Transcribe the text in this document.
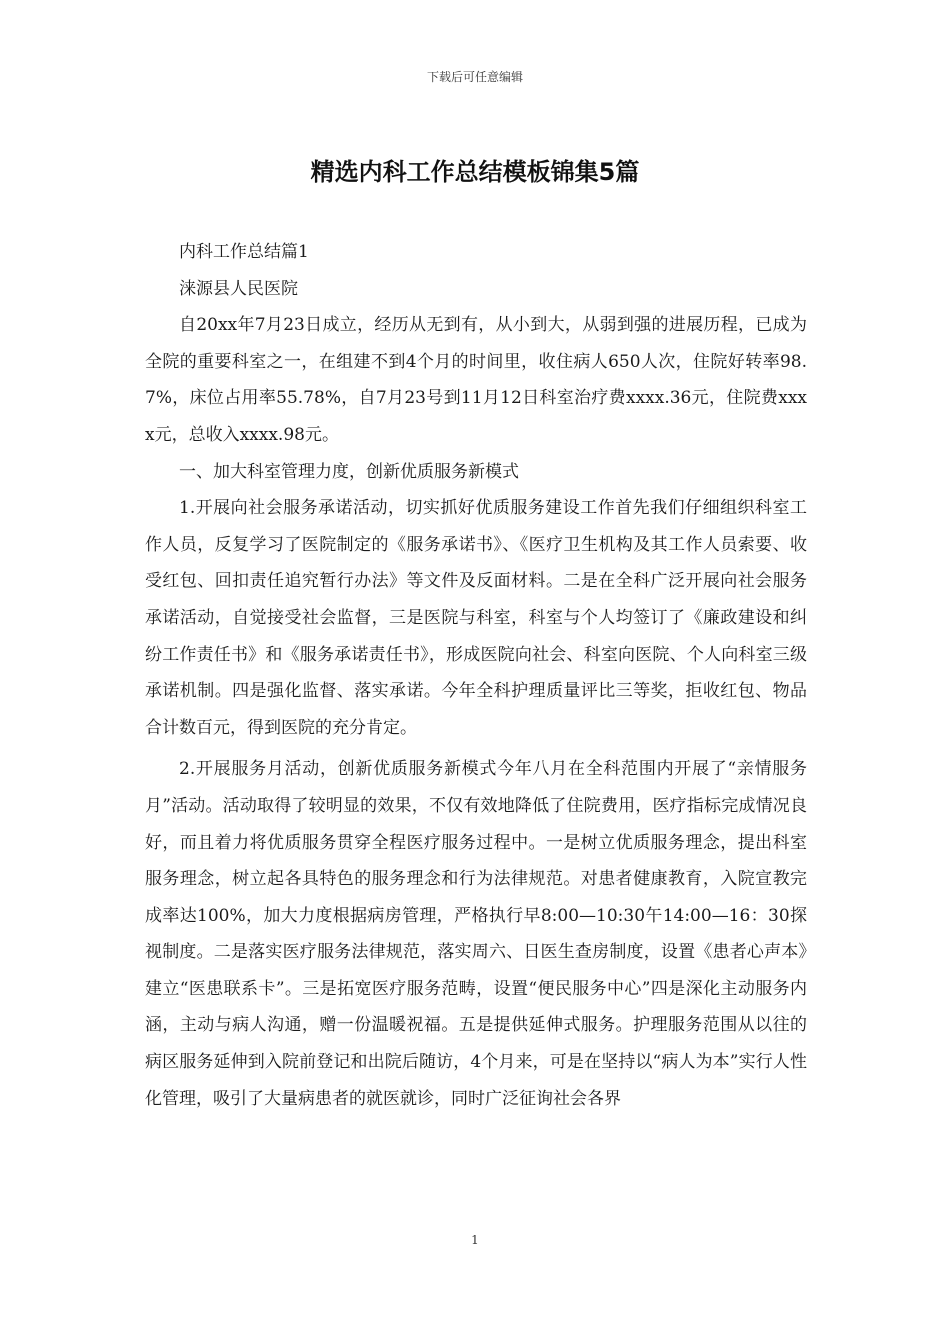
下载后可任意编辑
精选内科工作总结模板锦集5篇

内科工作总结篇1

涞源县人民医院

自20xx年7月23日成立，经历从无到有，从小到大，从弱到强的进展历程，已成为全院的重要科室之一，在组建不到4个月的时间里，收住病人650人次，住院好转率98.7%，床位占用率55.78%，自7月23号到11月12日科室治疗费xxxx.36元，住院费xxxx元，总收入xxxx.98元。

一、加大科室管理力度，创新优质服务新模式

1.开展向社会服务承诺活动，切实抓好优质服务建设工作首先我们仔细组织科室工作人员，反复学习了医院制定的《服务承诺书》、《医疗卫生机构及其工作人员索要、收受红包、回扣责任追究暂行办法》等文件及反面材料。二是在全科广泛开展向社会服务承诺活动，自觉接受社会监督，三是医院与科室，科室与个人均签订了《廉政建设和纠纷工作责任书》和《服务承诺责任书》，形成医院向社会、科室向医院、个人向科室三级承诺机制。四是强化监督、落实承诺。今年全科护理质量评比三等奖，拒收红包、物品合计数百元，得到医院的充分肯定。

2.开展服务月活动，创新优质服务新模式今年八月在全科范围内开展了“亲情服务月”活动。活动取得了较明显的效果，不仅有效地降低了住院费用，医疗指标完成情况良好，而且着力将优质服务贯穿全程医疗服务过程中。一是树立优质服务理念，提出科室服务理念，树立起各具特色的服务理念和行为法律规范。对患者健康教育，入院宣教完成率达100%，加大力度根据病房管理，严格执行早8:00—10:30午14:00—16：30探视制度。二是落实医疗服务法律规范，落实周六、日医生查房制度，设置《患者心声本》建立“医患联系卡”。三是拓宽医疗服务范畴，设置“便民服务中心”四是深化主动服务内涵，主动与病人沟通，赠一份温暖祝福。五是提供延伸式服务。护理服务范围从以往的病区服务延伸到入院前登记和出院后随访，4个月来，可是在坚持以“病人为本”实行人性化管理，吸引了大量病患者的就医就诊，同时广泛征询社会各界

1
